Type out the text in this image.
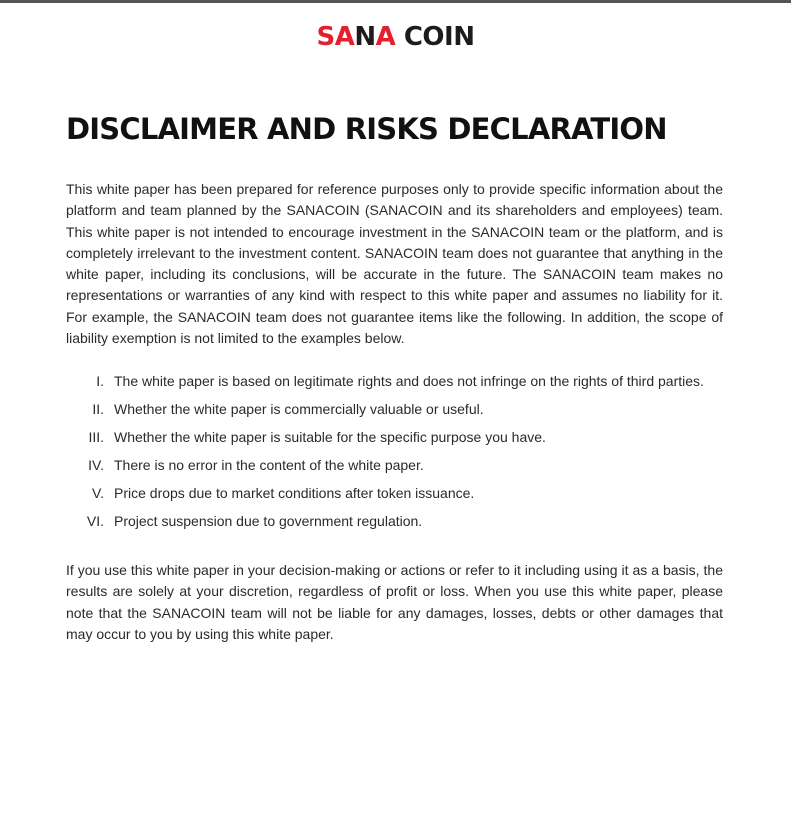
SANA COIN
DISCLAIMER AND RISKS DECLARATION

This white paper has been prepared for reference purposes only to provide specific information about the platform and team planned by the SANACOIN (SANACOIN and its shareholders and employees) team. This white paper is not intended to encourage investment in the SANACOIN team or the platform, and is completely irrelevant to the investment content. SANACOIN team does not guarantee that anything in the white paper, including its conclusions, will be accurate in the future. The SANACOIN team makes no representations or warranties of any kind with respect to this white paper and assumes no liability for it. For example, the SANACOIN team does not guarantee items like the following. In addition, the scope of liability exemption is not limited to the examples below.

I. The white paper is based on legitimate rights and does not infringe on the rights of third parties.
II. Whether the white paper is commercially valuable or useful.
III. Whether the white paper is suitable for the specific purpose you have.
IV. There is no error in the content of the white paper.
V. Price drops due to market conditions after token issuance.
VI. Project suspension due to government regulation.

If you use this white paper in your decision-making or actions or refer to it including using it as a basis, the results are solely at your discretion, regardless of profit or loss. When you use this white paper, please note that the SANACOIN team will not be liable for any damages, losses, debts or other damages that may occur to you by using this white paper.
